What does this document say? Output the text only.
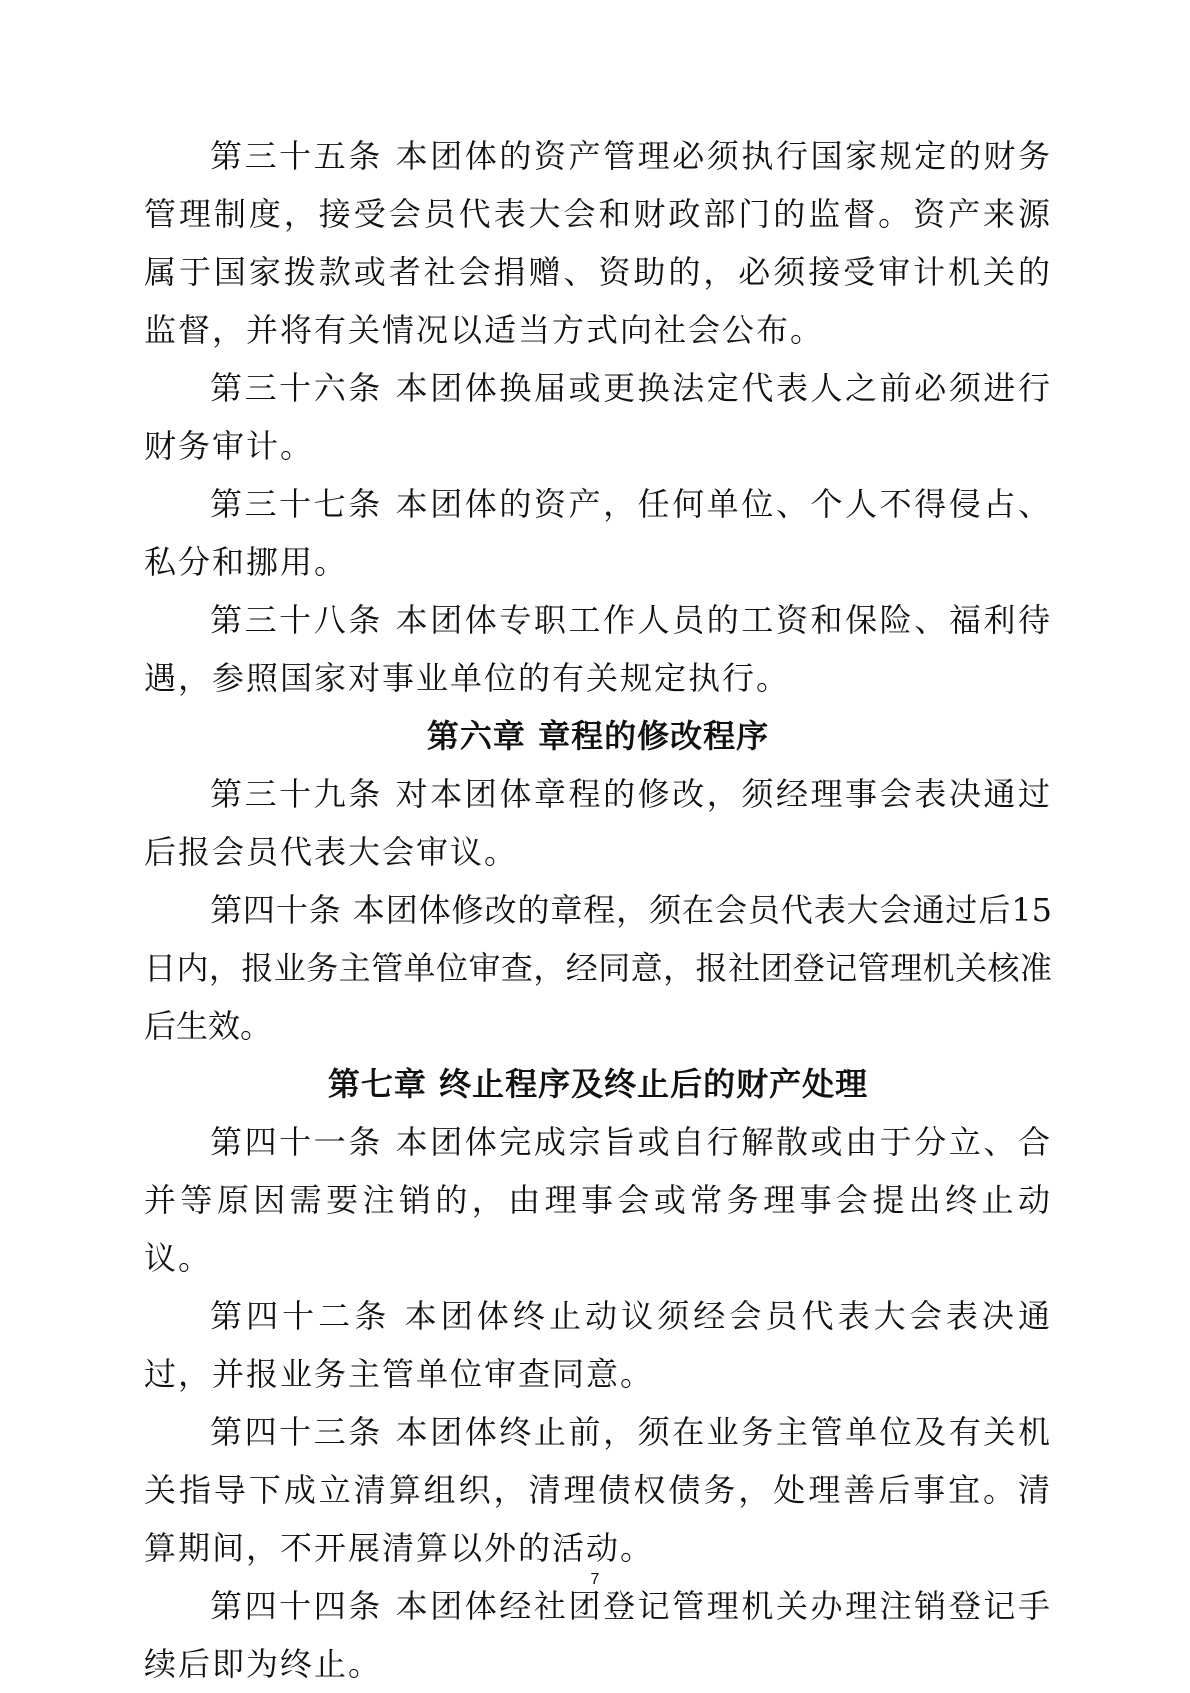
第三十五条 本团体的资产管理必须执行国家规定的财务管理制度，接受会员代表大会和财政部门的监督。资产来源属于国家拨款或者社会捐赠、资助的，必须接受审计机关的监督，并将有关情况以适当方式向社会公布。

第三十六条 本团体换届或更换法定代表人之前必须进行财务审计。

第三十七条 本团体的资产，任何单位、个人不得侵占、私分和挪用。

第三十八条 本团体专职工作人员的工资和保险、福利待遇，参照国家对事业单位的有关规定执行。

第六章 章程的修改程序

第三十九条 对本团体章程的修改，须经理事会表决通过后报会员代表大会审议。

第四十条 本团体修改的章程，须在会员代表大会通过后15日内，报业务主管单位审查，经同意，报社团登记管理机关核准后生效。

第七章 终止程序及终止后的财产处理

第四十一条 本团体完成宗旨或自行解散或由于分立、合并等原因需要注销的，由理事会或常务理事会提出终止动议。

第四十二条 本团体终止动议须经会员代表大会表决通过，并报业务主管单位审查同意。

第四十三条 本团体终止前，须在业务主管单位及有关机关指导下成立清算组织，清理债权债务，处理善后事宜。清算期间，不开展清算以外的活动。

第四十四条 本团体经社团登记管理机关办理注销登记手续后即为终止。

7
